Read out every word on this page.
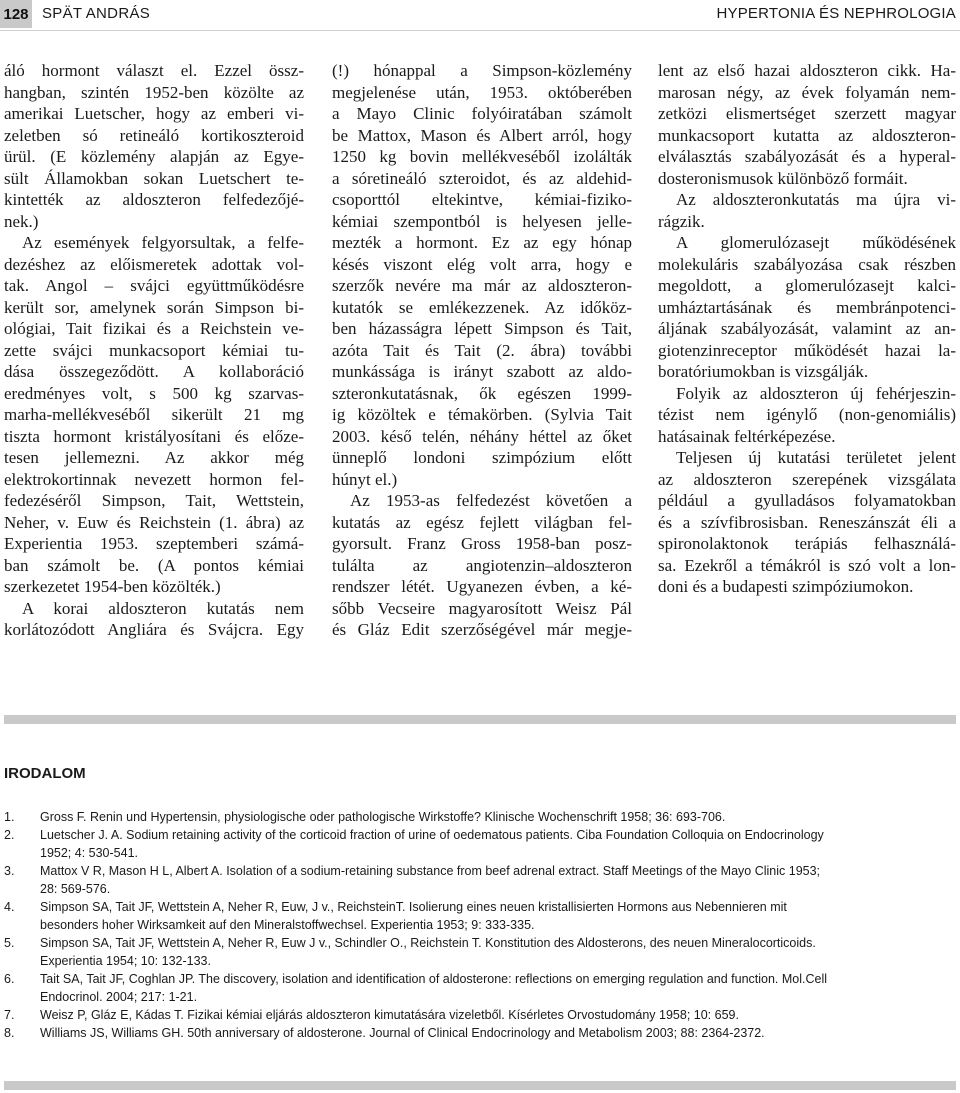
128 SPÄT ANDRÁS	HYPERTONIA ÉS NEPHROLOGIA
áló hormont választ el. Ezzel össz-
hangban, szintén 1952-ben közölte az
amerikai Luetscher, hogy az emberi vi-
zeletben só retineáló kortikoszteroid
ürül. (E közlemény alapján az Egye-
sült Államokban sokan Luetschert te-
kintették az aldoszteron felfedezőjé-
nek.)
Az események felgyorsultak, a felfe-
dezéshez az előismeretek adottak vol-
tak. Angol – svájci együttműködésre
került sor, amelynek során Simpson bi-
ológiai, Tait fizikai és a Reichstein ve-
zette svájci munkacsoport kémiai tu-
dása összegeződött. A kollaboráció
eredményes volt, s 500 kg szarvas-
marha-mellékveséből sikerült 21 mg
tiszta hormont kristályosítani és előze-
tesen jellemezni. Az akkor még
elektrokortinnak nevezett hormon fel-
fedezéséről Simpson, Tait, Wettstein,
Neher, v. Euw és Reichstein (1. ábra) az
Experientia 1953. szeptemberi számá-
ban számolt be. (A pontos kémiai
szerkezetet 1954-ben közölték.)
A korai aldoszteron kutatás nem
korlátozódott Angliára és Svájcra. Egy
(!) hónappal a Simpson-közlemény
megjelenése után, 1953. októberében
a Mayo Clinic folyóiratában számolt
be Mattox, Mason és Albert arról, hogy
1250 kg bovin mellékveséből izolálták
a sóretineáló szteroidot, és az aldehid-
csoporttól eltekintve, kémiai-fiziko-
kémiai szempontból is helyesen jelle-
mezték a hormont. Ez az egy hónap
késés viszont elég volt arra, hogy e
szerzők nevére ma már az aldoszteron-
kutatók se emlékezzenek. Az időköz-
ben házasságra lépett Simpson és Tait,
azóta Tait és Tait (2. ábra) további
munkássága is irányt szabott az aldo-
szteronkutatásnak, ők egészen 1999-
ig közöltek e témakörben. (Sylvia Tait
2003. késő telén, néhány héttel az őket
ünneplő londoni szimpózium előtt
húnyt el.)
Az 1953-as felfedezést követően a
kutatás az egész fejlett világban fel-
gyorsult. Franz Gross 1958-ban posz-
tulálta az angiotenzin–aldoszteron
rendszer létét. Ugyanezen évben, a ké-
sőbb Vecseire magyarosított Weisz Pál
és Gláz Edit szerzőségével már megje-
lent az első hazai aldoszteron cikk. Ha-
marosan négy, az évek folyamán nem-
zetközi elismertséget szerzett magyar
munkacsoport kutatta az aldoszteron-
elválasztás szabályozását és a hyperal-
dosteronismusok különböző formáit.
Az aldoszteronkutatás ma újra vi-
rágzik.
A glomerulózasejt működésének
molekuláris szabályozása csak részben
megoldott, a glomerulózasejt kalci-
umháztartásának és membránpotenci-
áljának szabályozását, valamint az an-
giotenzinreceptor működését hazai la-
boratóriumokban is vizsgálják.
Folyik az aldoszteron új fehérjeszin-
tézist nem igénylő (non-genomiális)
hatásainak feltérképezése.
Teljesen új kutatási területet jelent
az aldoszteron szerepének vizsgálata
például a gyulladásos folyamatokban
és a szívfibrosisban. Reneszánszát éli a
spironolaktonok terápiás felhasználá-
sa. Ezekről a témákról is szó volt a lon-
doni és a budapesti szimpóziumokon.
IRODALOM
1. Gross F. Renin und Hypertensin, physiologische oder pathologische Wirkstoffe? Klinische Wochenschrift 1958; 36: 693-706.
2. Luetscher J. A. Sodium retaining activity of the corticoid fraction of urine of oedematous patients. Ciba Foundation Colloquia on Endocrinology
1952; 4: 530-541.
3. Mattox V R, Mason H L, Albert A. Isolation of a sodium-retaining substance from beef adrenal extract. Staff Meetings of the Mayo Clinic 1953;
28: 569-576.
4. Simpson SA, Tait JF, Wettstein A, Neher R, Euw, J v., ReichsteinT. Isolierung eines neuen kristallisierten Hormons aus Nebennieren mit
besonders hoher Wirksamkeit auf den Mineralstoffwechsel. Experientia 1953; 9: 333-335.
5. Simpson SA, Tait JF, Wettstein A, Neher R, Euw J v., Schindler O., Reichstein T. Konstitution des Aldosterons, des neuen Mineralocorticoids.
Experientia 1954; 10: 132-133.
6. Tait SA, Tait JF, Coghlan JP. The discovery, isolation and identification of aldosterone: reflections on emerging regulation and function. Mol.Cell
Endocrinol. 2004; 217: 1-21.
7. Weisz P, Gláz E, Kádas T. Fizikai kémiai eljárás aldoszteron kimutatására vizeletből. Kísérletes Orvostudomány 1958; 10: 659.
8. Williams JS, Williams GH. 50th anniversary of aldosterone. Journal of Clinical Endocrinology and Metabolism 2003; 88: 2364-2372.
